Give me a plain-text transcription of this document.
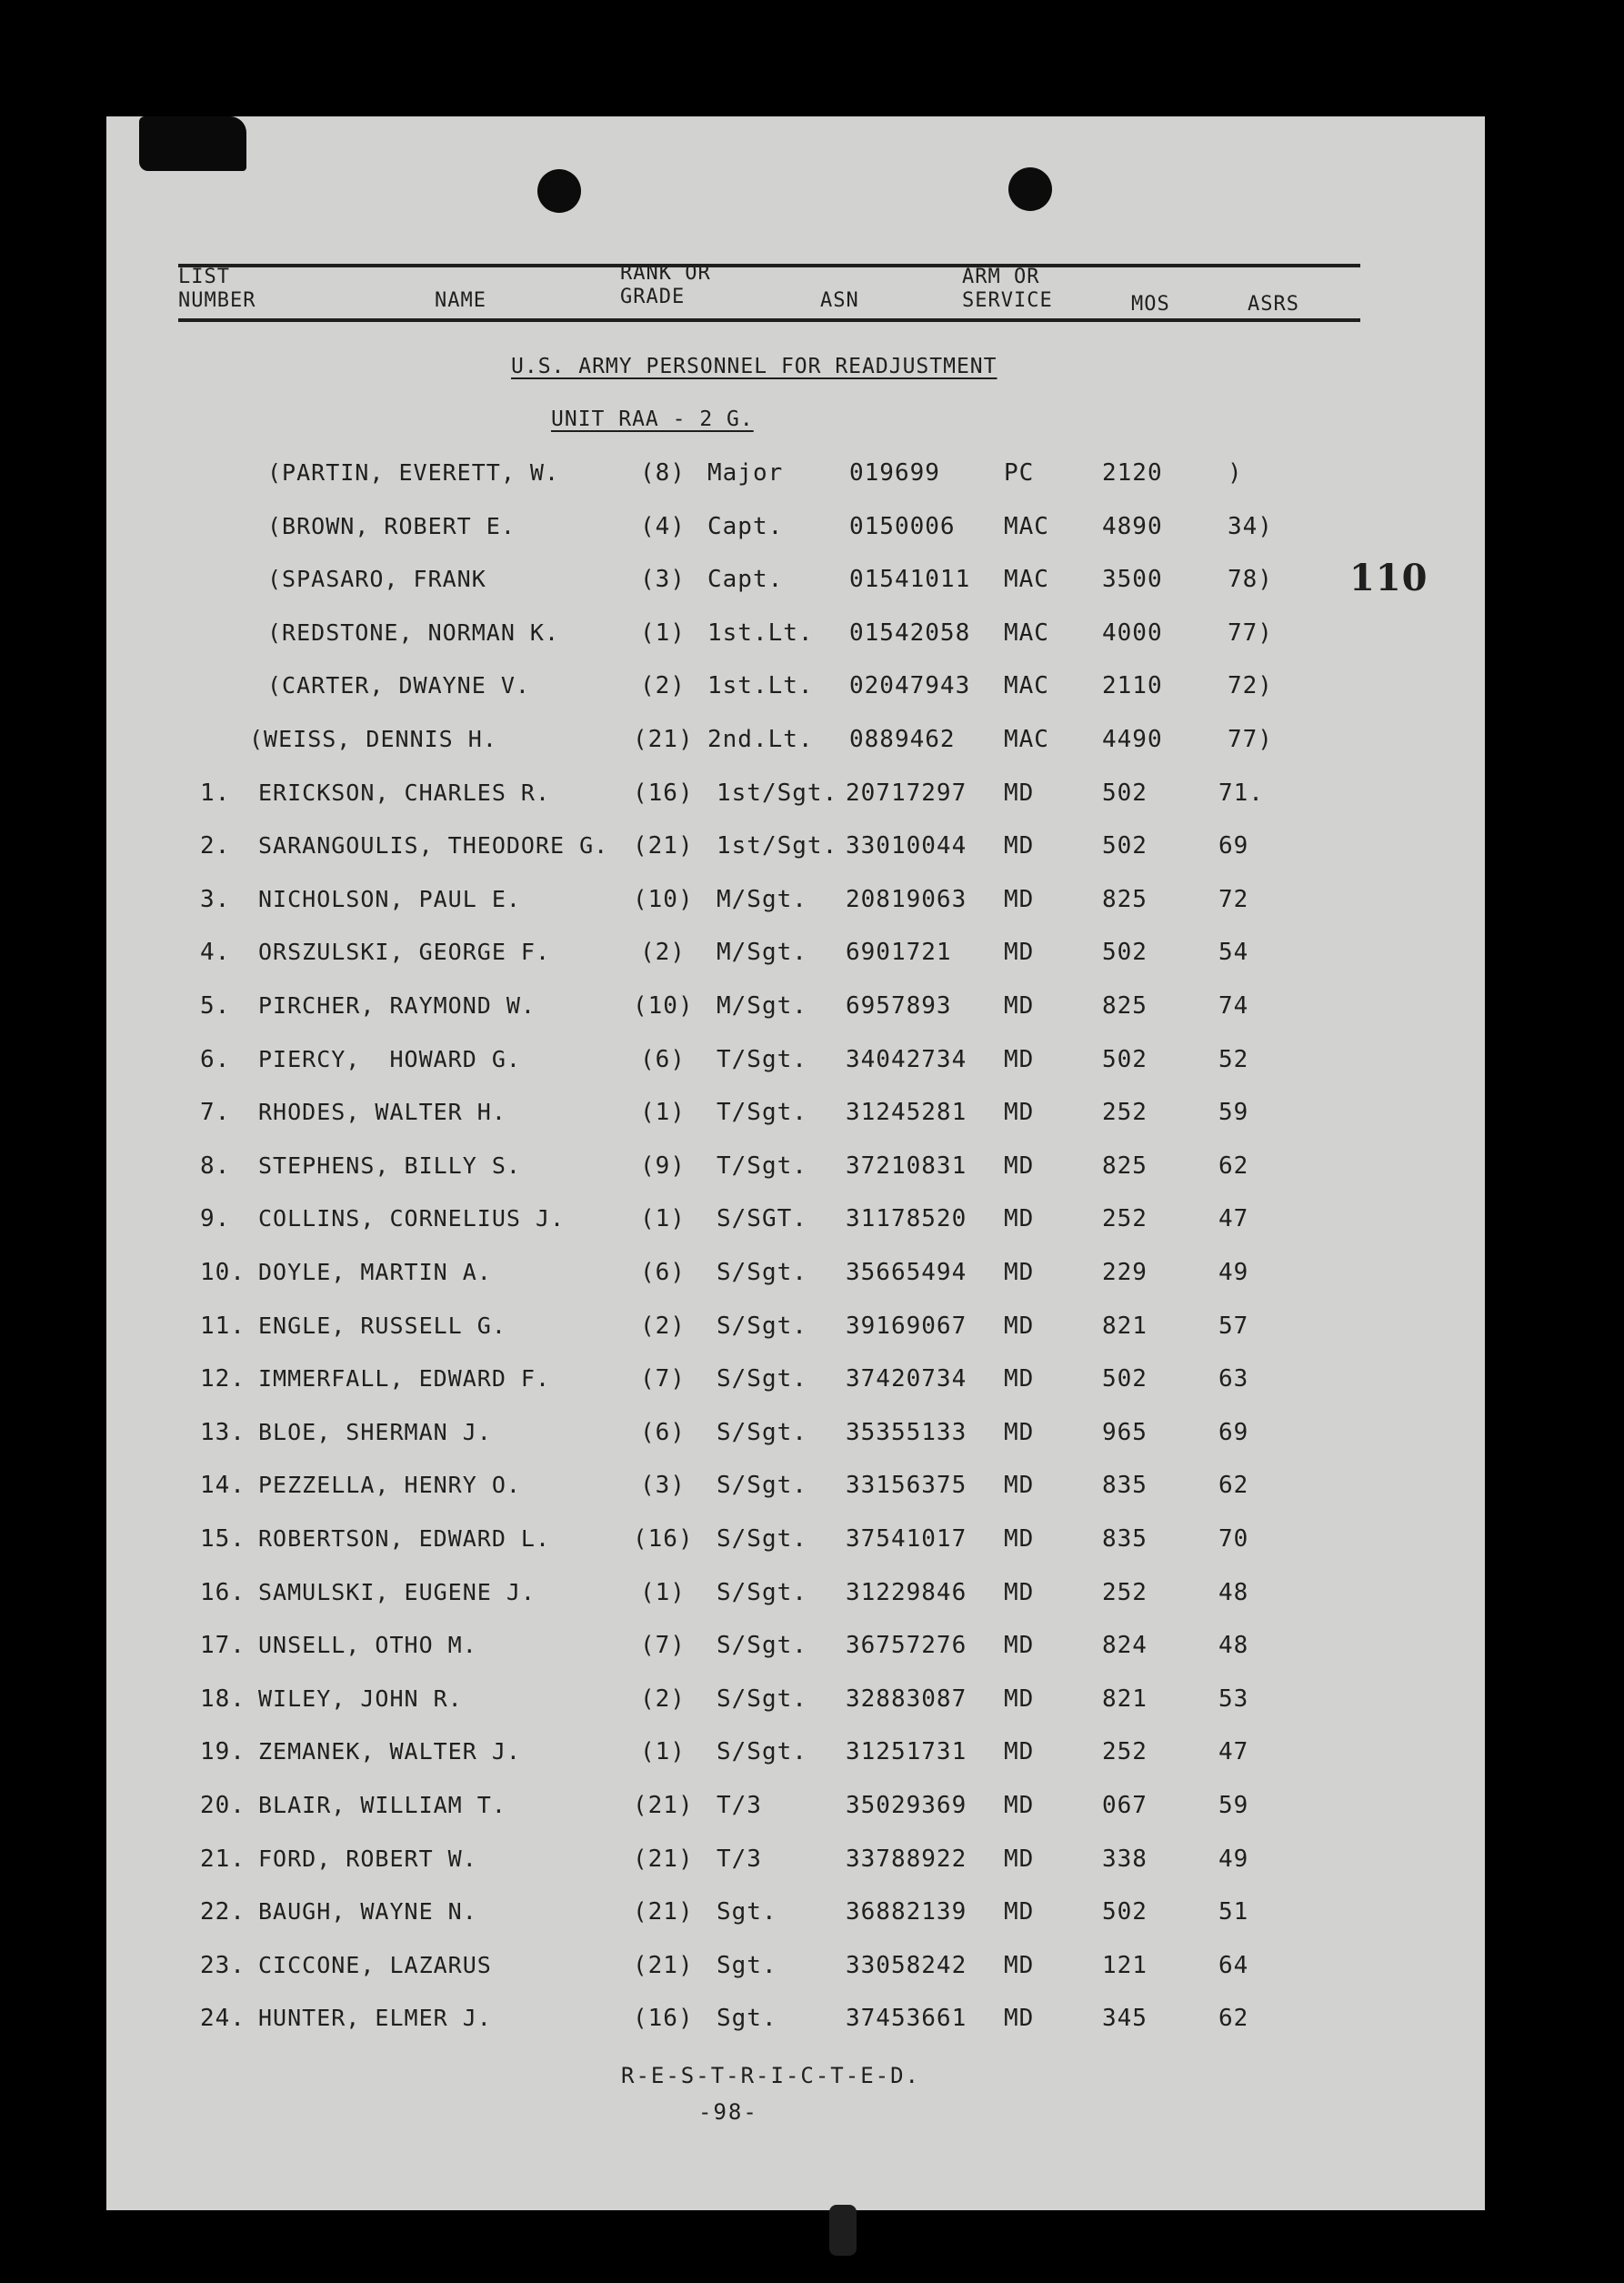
LIST
NUMBER	NAME
RANK OR
GRADE	ASN
ARM OR
SERVICE	MOS	ASRS
U.S. ARMY PERSONNEL FOR READJUSTMENT
UNIT RAA - 2 G.
110
(PARTIN, EVERETT, W.	(8) Major	019699	PC	2120	)
(BROWN, ROBERT E.	(4) Capt.	0150006 MAC 4890	34)
(SPASARO, FRANK	(3) Capt.	01541011 MAC 3500	78)
(REDSTONE, NORMAN K.	(1) 1st.Lt. 01542058 MAC 4000	77)
(CARTER, DWAYNE V.	(2) 1st.Lt. 02047943 MAC 2110	72)
(WEISS, DENNIS H.	(21) 2nd.Lt. 0889462 MAC 4490	77)
1. ERICKSON, CHARLES R.	(16) 1st/Sgt. 20717297 MD	502	71.
2. SARANGOULIS, THEODORE G. (21) 1st/Sgt. 33010044 MD	502	69
3. NICHOLSON, PAUL E.	(10) M/Sgt. 20819063 MD	825	72
4. ORSZULSKI, GEORGE F.	(2) M/Sgt. 6901721 MD	502	54
5. PIRCHER, RAYMOND W.	(10) M/Sgt. 6957893 MD	825	74
6. PIERCY,  HOWARD G.	(6) T/Sgt. 34042734 MD	502	52
7. RHODES, WALTER H.	(1) T/Sgt. 31245281 MD	252	59
8. STEPHENS, BILLY S.	(9) T/Sgt. 37210831 MD	825	62
9. COLLINS, CORNELIUS J.	(1) S/SGT. 31178520 MD	252	47
10. DOYLE, MARTIN A.	(6) S/Sgt. 35665494 MD	229	49
11. ENGLE, RUSSELL G.	(2) S/Sgt. 39169067 MD	821	57
12. IMMERFALL, EDWARD F.	(7) S/Sgt. 37420734 MD	502	63
13. BLOE, SHERMAN J.	(6) S/Sgt. 35355133 MD	965	69
14. PEZZELLA, HENRY O.	(3) S/Sgt. 33156375 MD	835	62
15. ROBERTSON, EDWARD L.	(16) S/Sgt. 37541017 MD	835	70
16. SAMULSKI, EUGENE J.	(1) S/Sgt. 31229846 MD	252	48
17. UNSELL, OTHO M.	(7) S/Sgt. 36757276 MD	824	48
18. WILEY, JOHN R.	(2) S/Sgt. 32883087 MD	821	53
19. ZEMANEK, WALTER J.	(1) S/Sgt. 31251731 MD	252	47
20. BLAIR, WILLIAM T.	(21) T/3	35029369 MD	067	59
21. FORD, ROBERT W.	(21) T/3	33788922 MD	338	49
22. BAUGH, WAYNE N.	(21) Sgt.	36882139 MD	502	51
23. CICCONE, LAZARUS	(21) Sgt.	33058242 MD	121	64
24. HUNTER, ELMER J.	(16) Sgt.	37453661 MD	345	62
R-E-S-T-R-I-C-T-E-D.
-98-
